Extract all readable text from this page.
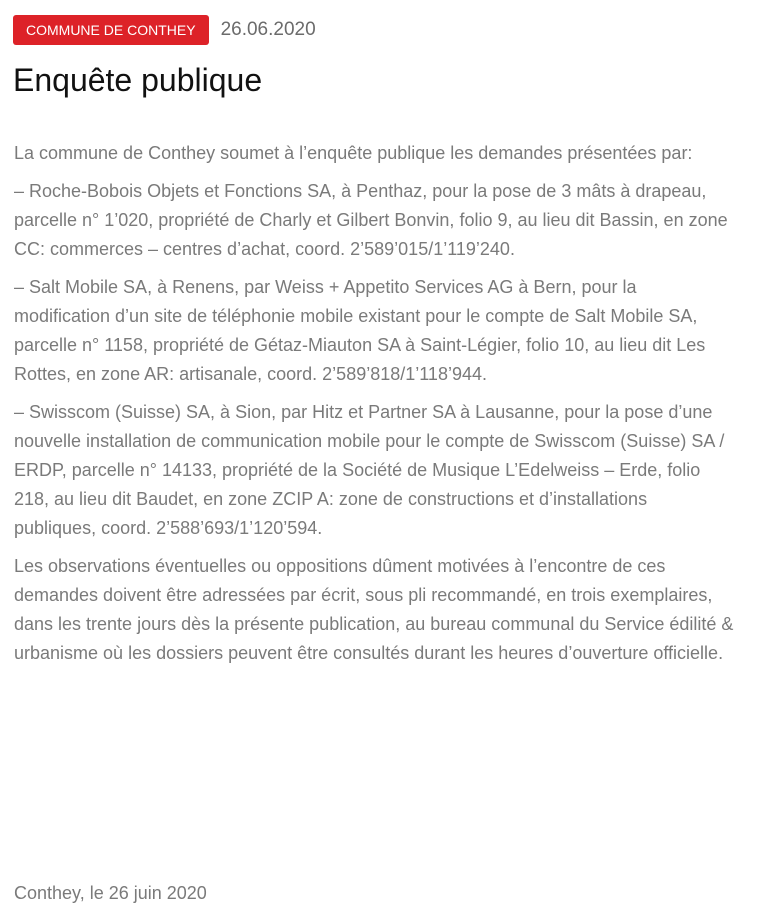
COMMUNE DE CONTHEY	26.06.2020
Enquête publique

La commune de Conthey soumet à l’enquête publique les demandes présentées par:

– Roche-Bobois Objets et Fonctions SA, à Penthaz, pour la pose de 3 mâts à drapeau, parcelle n° 1’020, propriété de Charly et Gilbert Bonvin, folio 9, au lieu dit Bassin, en zone CC: commerces – centres d’achat, coord. 2’589’015/1’119’240.

– Salt Mobile SA, à Renens, par Weiss + Appetito Services AG à Bern, pour la modification d’un site de téléphonie mobile existant pour le compte de Salt Mobile SA, parcelle n° 1158, propriété de Gétaz-Miauton SA à Saint-Légier, folio 10, au lieu dit Les Rottes, en zone AR: artisanale, coord. 2’589’818/1’118’944.

– Swisscom (Suisse) SA, à Sion, par Hitz et Partner SA à Lausanne, pour la pose d’une nouvelle installation de communication mobile pour le compte de Swisscom (Suisse) SA / ERDP, parcelle n° 14133, propriété de la Société de Musique L’Edelweiss – Erde, folio 218, au lieu dit Baudet, en zone ZCIP A: zone de constructions et d’installations publiques, coord. 2’588’693/1’120’594.

Les observations éventuelles ou oppositions dûment motivées à l’encontre de ces demandes doivent être adressées par écrit, sous pli recommandé, en trois exemplaires, dans les trente jours dès la présente publication, au bureau communal du Service édilité & urbanisme où les dossiers peuvent être consultés durant les heures d’ouverture officielle.

Conthey, le 26 juin 2020
